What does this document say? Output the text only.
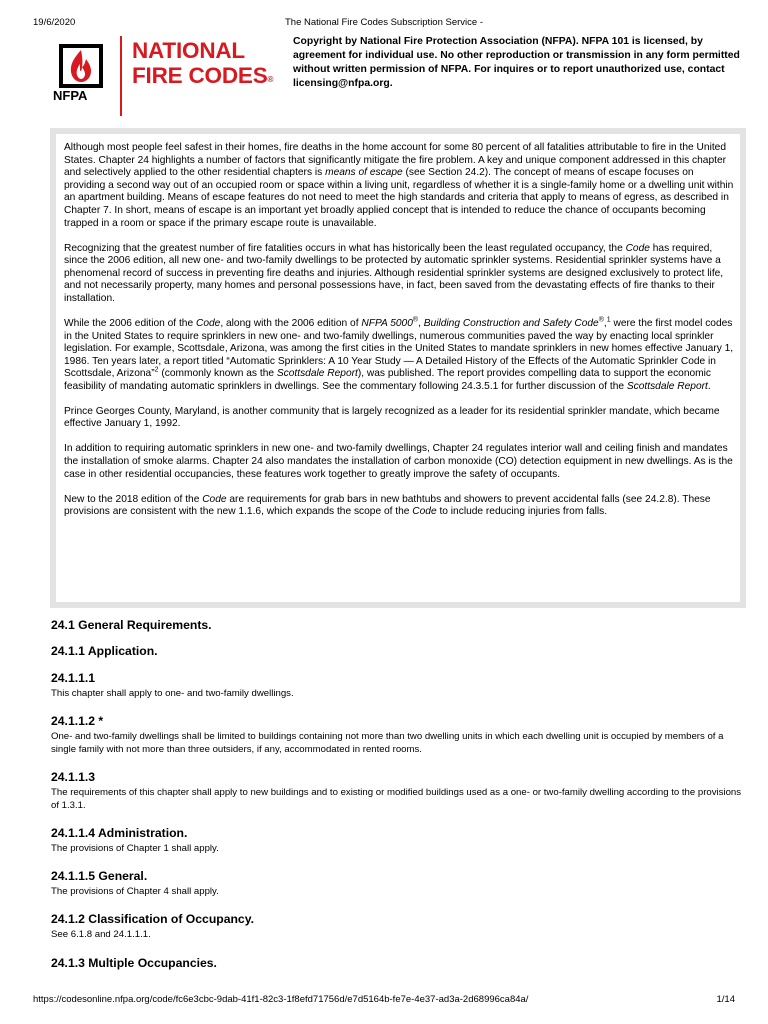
19/6/2020	The National Fire Codes Subscription Service -
NFPA
NATIONAL
FIRE CODES®
Copyright by National Fire Protection Association (NFPA). NFPA 101 is licensed, by agreement for individual use. No other reproduction or transmission in any form permitted without written permission of NFPA. For inquires or to report unauthorized use, contact licensing@nfpa.org.

Although most people feel safest in their homes, fire deaths in the home account for some 80 percent of all fatalities attributable to fire in the United States. Chapter 24 highlights a number of factors that significantly mitigate the fire problem. A key and unique component addressed in this chapter and selectively applied to the other residential chapters is means of escape (see Section 24.2). The concept of means of escape focuses on providing a second way out of an occupied room or space within a living unit, regardless of whether it is a single-family home or a dwelling unit within an apartment building. Means of escape features do not need to meet the high standards and criteria that apply to means of egress, as described in Chapter 7. In short, means of escape is an important yet broadly applied concept that is intended to reduce the chance of occupants becoming trapped in a room or space if the primary escape route is unavailable.

Recognizing that the greatest number of fire fatalities occurs in what has historically been the least regulated occupancy, the Code has required, since the 2006 edition, all new one- and two-family dwellings to be protected by automatic sprinkler systems. Residential sprinkler systems have a phenomenal record of success in preventing fire deaths and injuries. Although residential sprinkler systems are designed exclusively to protect life, and not necessarily property, many homes and personal possessions have, in fact, been saved from the devastating effects of fire thanks to their installation.

While the 2006 edition of the Code, along with the 2006 edition of NFPA 5000®, Building Construction and Safety Code®,$^1$ were the first model codes in the United States to require sprinklers in new one- and two-family dwellings, numerous communities paved the way by enacting local sprinkler legislation. For example, Scottsdale, Arizona, was among the first cities in the United States to mandate sprinklers in new homes effective January 1, 1986. Ten years later, a report titled “Automatic Sprinklers: A 10 Year Study — A Detailed History of the Effects of the Automatic Sprinkler Code in Scottsdale, Arizona”$^2$ (commonly known as the Scottsdale Report), was published. The report provides compelling data to support the economic feasibility of mandating automatic sprinklers in dwellings. See the commentary following 24.3.5.1 for further discussion of the Scottsdale Report.

Prince Georges County, Maryland, is another community that is largely recognized as a leader for its residential sprinkler mandate, which became effective January 1, 1992.

In addition to requiring automatic sprinklers in new one- and two-family dwellings, Chapter 24 regulates interior wall and ceiling finish and mandates the installation of smoke alarms. Chapter 24 also mandates the installation of carbon monoxide (CO) detection equipment in new dwellings. As is the case in other residential occupancies, these features work together to greatly improve the safety of occupants.

New to the 2018 edition of the Code are requirements for grab bars in new bathtubs and showers to prevent accidental falls (see 24.2.8). These provisions are consistent with the new 1.1.6, which expands the scope of the Code to include reducing injuries from falls.

24.1 General Requirements.
24.1.1 Application.
24.1.1.1

This chapter shall apply to one- and two-family dwellings.

24.1.1.2 *

One- and two-family dwellings shall be limited to buildings containing not more than two dwelling units in which each dwelling unit is occupied by members of a single family with not more than three outsiders, if any, accommodated in rented rooms.

24.1.1.3

The requirements of this chapter shall apply to new buildings and to existing or modified buildings used as a one- or two-family dwelling according to the provisions of 1.3.1.

24.1.1.4 Administration.

The provisions of Chapter 1 shall apply.

24.1.1.5 General.

The provisions of Chapter 4 shall apply.

24.1.2 Classification of Occupancy.

See 6.1.8 and 24.1.1.1.

24.1.3 Multiple Occupancies.
https://codesonline.nfpa.org/code/fc6e3cbc-9dab-41f1-82c3-1f8efd71756d/e7d5164b-fe7e-4e37-ad3a-2d68996ca84a/	1/14
